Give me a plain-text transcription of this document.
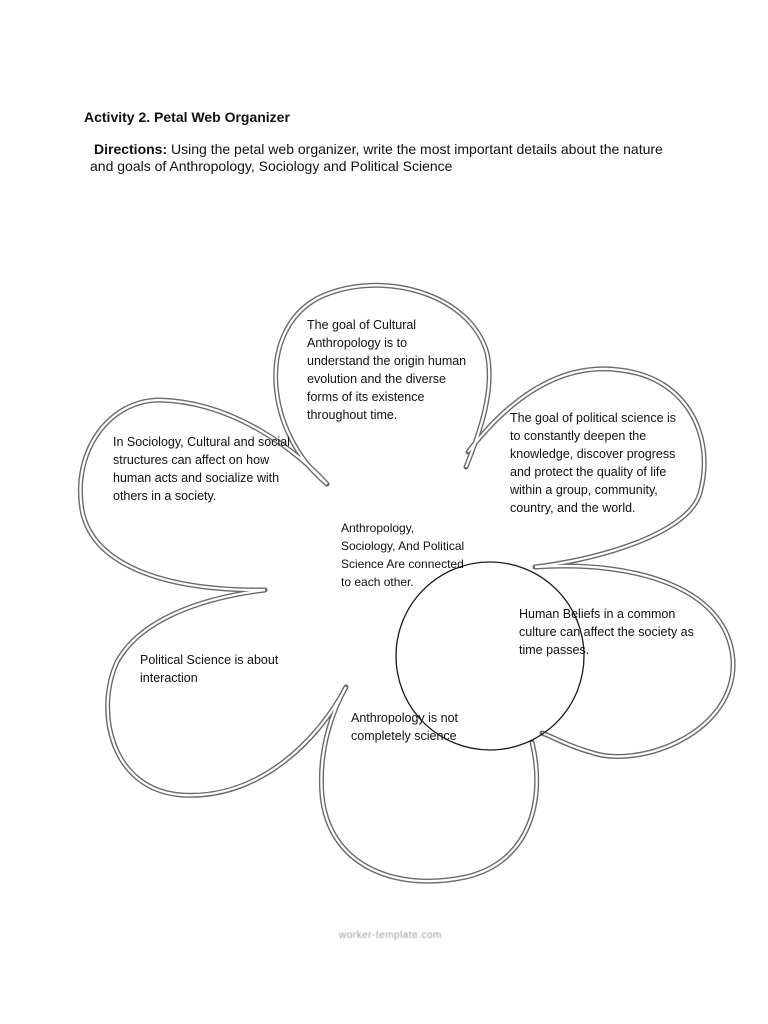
Activity 2. Petal Web Organizer
Directions: Using the petal web organizer, write the most important details about the nature and goals of Anthropology, Sociology and Political Science
The goal of Cultural Anthropology is to understand the origin human evolution and the diverse forms of its existence throughout time.	The goal of political science is to constantly deepen the knowledge, discover progress and protect the quality of life within a group, community, country, and the world.
In Sociology, Cultural and social structures can affect on how human acts and socialize with others in a society.
Anthropology, Sociology, And Political Science Are connected to each other.
Human Beliefs in a common culture can affect the society as time passes.
Political Science is about interaction
Anthropology is not completely science
worker-template.com
